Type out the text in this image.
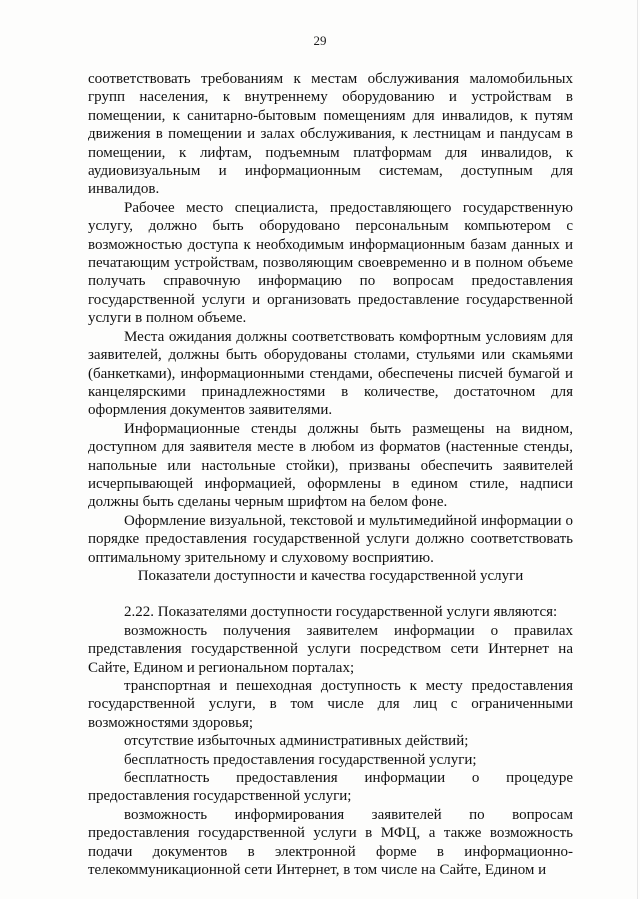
29

соответствовать требованиям к местам обслуживания маломобильных групп населения, к внутреннему оборудованию и устройствам в помещении, к санитарно-бытовым помещениям для инвалидов, к путям движения в помещении и залах обслуживания, к лестницам и пандусам в помещении, к лифтам, подъемным платформам для инвалидов, к аудиовизуальным и информационным системам, доступным для инвалидов.

Рабочее место специалиста, предоставляющего государственную услугу, должно быть оборудовано персональным компьютером с возможностью доступа к необходимым информационным базам данных и печатающим устройствам, позволяющим своевременно и в полном объеме получать справочную информацию по вопросам предоставления государственной услуги и организовать предоставление государственной услуги в полном объеме.

Места ожидания должны соответствовать комфортным условиям для заявителей, должны быть оборудованы столами, стульями или скамьями (банкетками), информационными стендами, обеспечены писчей бумагой и канцелярскими принадлежностями в количестве, достаточном для оформления документов заявителями.

Информационные стенды должны быть размещены на видном, доступном для заявителя месте в любом из форматов (настенные стенды, напольные или настольные стойки), призваны обеспечить заявителей исчерпывающей информацией, оформлены в едином стиле, надписи должны быть сделаны черным шрифтом на белом фоне.

Оформление визуальной, текстовой и мультимедийной информации о порядке предоставления государственной услуги должно соответствовать оптимальному зрительному и слуховому восприятию.

Показатели доступности и качества государственной услуги

2.22. Показателями доступности государственной услуги являются:

возможность получения заявителем информации о правилах представления государственной услуги посредством сети Интернет на Сайте, Едином и региональном порталах;

транспортная и пешеходная доступность к месту предоставления государственной услуги, в том числе для лиц с ограниченными возможностями здоровья;

отсутствие избыточных административных действий;

бесплатность предоставления государственной услуги;

бесплатность предоставления информации о процедуре предоставления государственной услуги;

возможность информирования заявителей по вопросам предоставления государственной услуги в МФЦ, а также возможность подачи документов в электронной форме в информационно-телекоммуникационной сети Интернет, в том числе на Сайте, Едином и
